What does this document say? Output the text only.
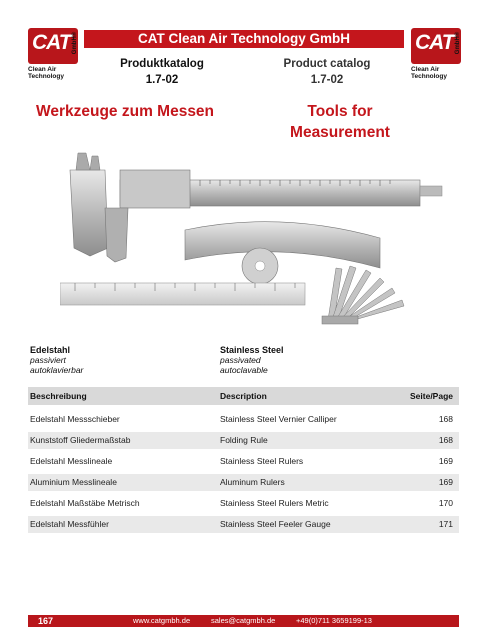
CAT GmbH®
Clean Air
Technology
CAT GmbH®
Clean Air
Technology
CAT Clean Air Technology GmbH
Produktkatalog
1.7-02
Product catalog
1.7-02
Werkzeuge zum Messen	Tools for
Measurement
Edelstahl
passiviert
autoklavierbar
Stainless Steel
passivated
autoclavable
Beschreibung	Description	Seite/Page
Edelstahl Messschieber	Stainless Steel Vernier Calliper	168
Kunststoff Gliedermaßstab	Folding Rule	168
Edelstahl Messlineale	Stainless Steel Rulers	169
Aluminium Messlineale	Aluminum Rulers	169
Edelstahl Maßstäbe Metrisch	Stainless Steel Rulers Metric	170
Edelstahl Messfühler	Stainless Steel Feeler Gauge	171
167	www.catgmbh.de	sales@catgmbh.de	+49(0)711 3659199-13
